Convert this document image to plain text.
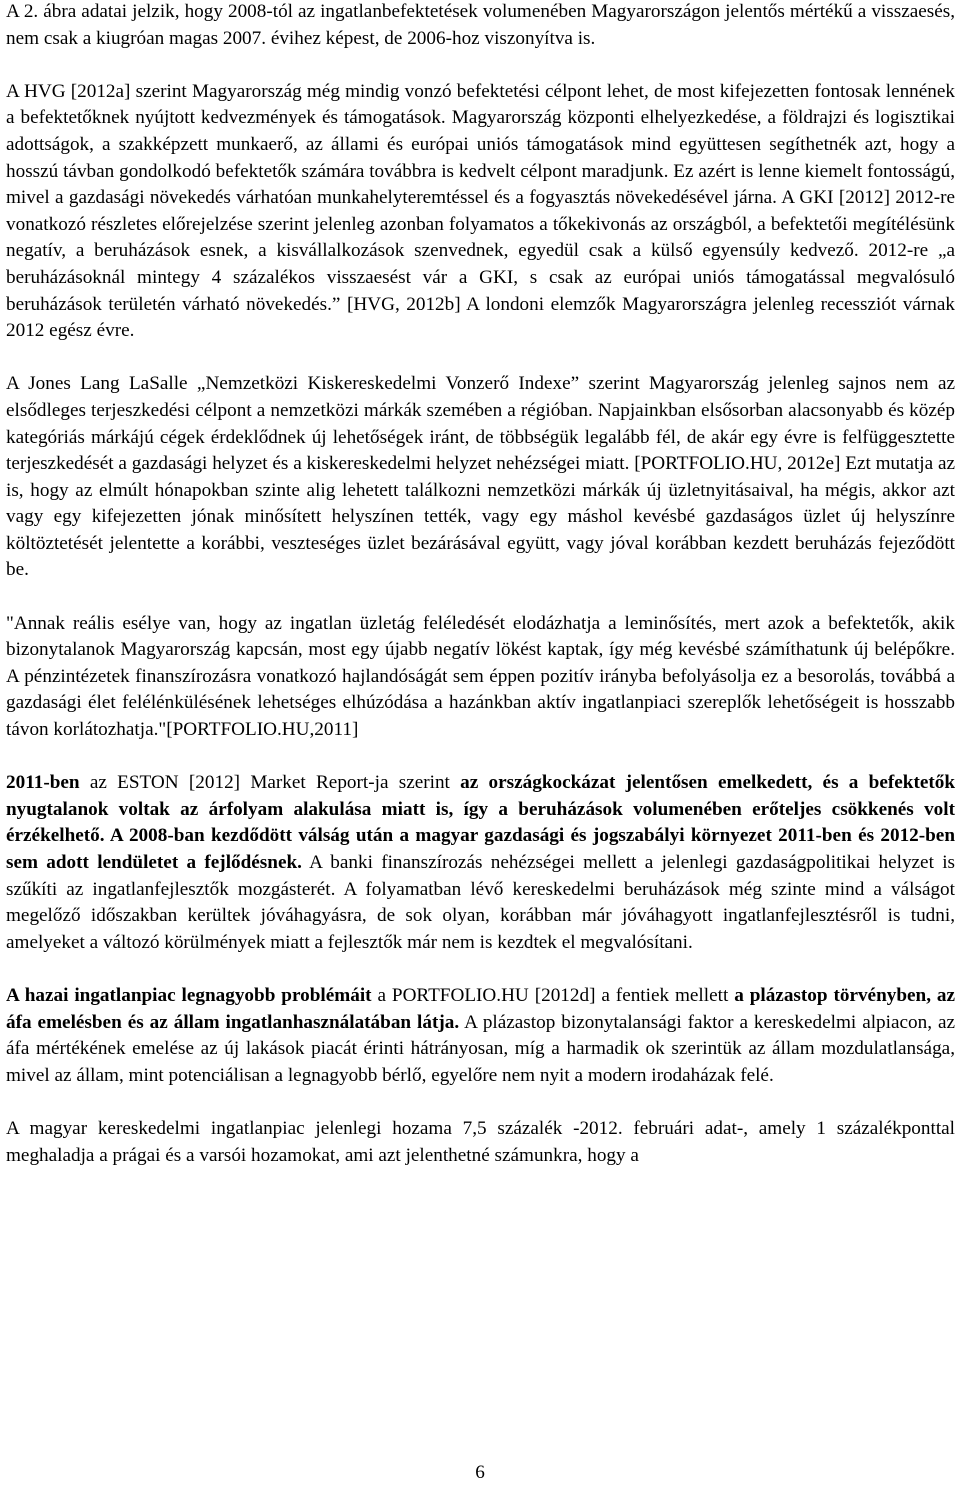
A 2. ábra adatai jelzik, hogy 2008-tól az ingatlanbefektetések volumenében Magyarországon jelentős mértékű a visszaesés, nem csak a kiugróan magas 2007. évihez képest, de 2006-hoz viszonyítva is.

A HVG [2012a] szerint Magyarország még mindig vonzó befektetési célpont lehet, de most kifejezetten fontosak lennének a befektetőknek nyújtott kedvezmények és támogatások. Magyarország központi elhelyezkedése, a földrajzi és logisztikai adottságok, a szakképzett munkaerő, az állami és európai uniós támogatások mind együttesen segíthetnék azt, hogy a hosszú távban gondolkodó befektetők számára továbbra is kedvelt célpont maradjunk. Ez azért is lenne kiemelt fontosságú, mivel a gazdasági növekedés várhatóan munkahelyteremtéssel és a fogyasztás növekedésével járna. A GKI [2012] 2012-re vonatkozó részletes előrejelzése szerint jelenleg azonban folyamatos a tőkekivonás az országból, a befektetői megítélésünk negatív, a beruházások esnek, a kisvállalkozások szenvednek, egyedül csak a külső egyensúly kedvező. 2012-re „a beruházásoknál mintegy 4 százalékos visszaesést vár a GKI, s csak az európai uniós támogatással megvalósuló beruházások területén várható növekedés.” [HVG, 2012b] A londoni elemzők Magyarországra jelenleg recessziót várnak 2012 egész évre.

A Jones Lang LaSalle „Nemzetközi Kiskereskedelmi Vonzerő Indexe” szerint Magyarország jelenleg sajnos nem az elsődleges terjeszkedési célpont a nemzetközi márkák szemében a régióban. Napjainkban elsősorban alacsonyabb és közép kategóriás márkájú cégek érdeklődnek új lehetőségek iránt, de többségük legalább fél, de akár egy évre is felfüggesztette terjeszkedését a gazdasági helyzet és a kiskereskedelmi helyzet nehézségei miatt. [PORTFOLIO.HU, 2012e] Ezt mutatja az is, hogy az elmúlt hónapokban szinte alig lehetett találkozni nemzetközi márkák új üzletnyitásaival, ha mégis, akkor azt vagy egy kifejezetten jónak minősített helyszínen tették, vagy egy máshol kevésbé gazdaságos üzlet új helyszínre költöztetését jelentette a korábbi, veszteséges üzlet bezárásával együtt, vagy jóval korábban kezdett beruházás fejeződött be.

"Annak reális esélye van, hogy az ingatlan üzletág feléledését elodázhatja a leminősítés, mert azok a befektetők, akik bizonytalanok Magyarország kapcsán, most egy újabb negatív lökést kaptak, így még kevésbé számíthatunk új belépőkre. A pénzintézetek finanszírozásra vonatkozó hajlandóságát sem éppen pozitív irányba befolyásolja ez a besorolás, továbbá a gazdasági élet felélénkülésének lehetséges elhúzódása a hazánkban aktív ingatlanpiaci szereplők lehetőségeit is hosszabb távon korlátozhatja."[PORTFOLIO.HU,2011]

2011-ben az ESTON [2012] Market Report-ja szerint az országkockázat jelentősen emelkedett, és a befektetők nyugtalanok voltak az árfolyam alakulása miatt is, így a beruházások volumenében erőteljes csökkenés volt érzékelhető. A 2008-ban kezdődött válság után a magyar gazdasági és jogszabályi környezet 2011-ben és 2012-ben sem adott lendületet a fejlődésnek. A banki finanszírozás nehézségei mellett a jelenlegi gazdaságpolitikai helyzet is szűkíti az ingatlanfejlesztők mozgásterét. A folyamatban lévő kereskedelmi beruházások még szinte mind a válságot megelőző időszakban kerültek jóváhagyásra, de sok olyan, korábban már jóváhagyott ingatlanfejlesztésről is tudni, amelyeket a változó körülmények miatt a fejlesztők már nem is kezdtek el megvalósítani.

A hazai ingatlanpiac legnagyobb problémáit a PORTFOLIO.HU [2012d] a fentiek mellett a plázastop törvényben, az áfa emelésben és az állam ingatlanhasználatában látja. A plázastop bizonytalansági faktor a kereskedelmi alpiacon, az áfa mértékének emelése az új lakások piacát érinti hátrányosan, míg a harmadik ok szerintük az állam mozdulatlansága, mivel az állam, mint potenciálisan a legnagyobb bérlő, egyelőre nem nyit a modern irodaházak felé.

A magyar kereskedelmi ingatlanpiac jelenlegi hozama 7,5 százalék -2012. februári adat-, amely 1 százalékponttal meghaladja a prágai és a varsói hozamokat, ami azt jelenthetné számunkra, hogy a

6
